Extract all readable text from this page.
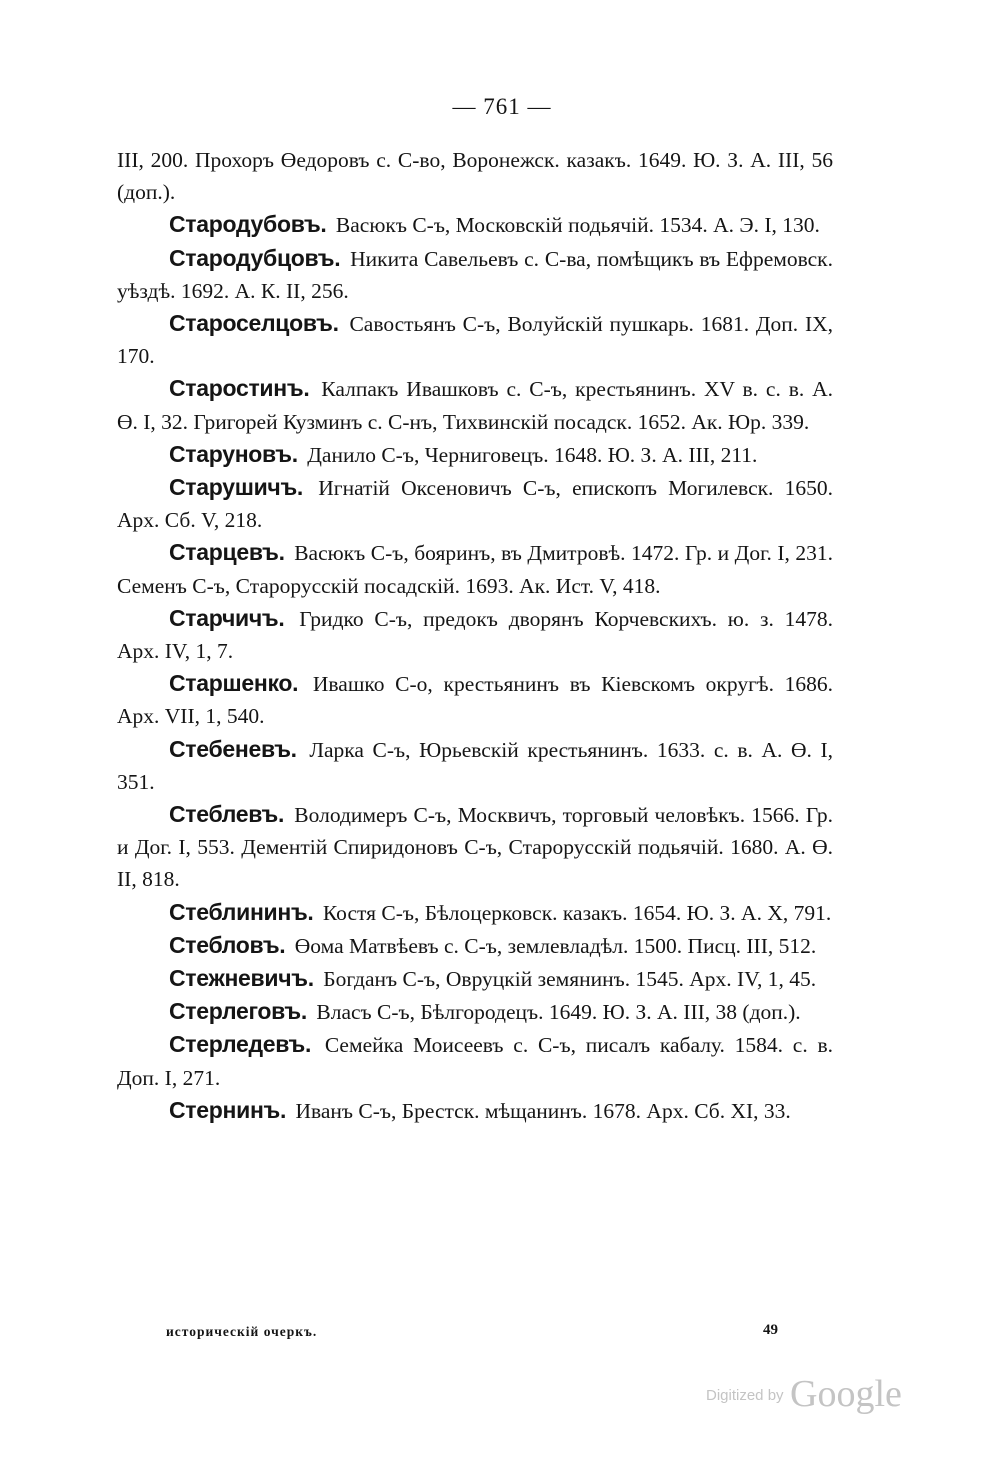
— 761 —

III, 200. Прохоръ Өедоровъ с. С-во, Воронежск. казакъ. 1649. Ю. З. А. III, 56 (доп.).

Стародубовъ. Васюкъ С-ъ, Московскій подьячій. 1534. А. Э. I, 130.

Стародубцовъ. Никита Савельевъ с. С-ва, помѣщикъ въ Ефремовск. уѣздѣ. 1692. А. К. II, 256.

Староселцовъ. Савостьянъ С-ъ, Волуйскій пушкарь. 1681. Доп. IX, 170.

Старостинъ. Калпакъ Ивашковъ с. С-ъ, крестьянинъ. XV в. с. в. А. Ө. I, 32. Григорей Кузминъ с. С-нъ, Тихвинскій посадск. 1652. Ак. Юр. 339.

Старуновъ. Данило С-ъ, Черниговецъ. 1648. Ю. З. А. III, 211.

Старушичъ. Игнатій Оксеновичъ С-ъ, епископъ Могилевск. 1650. Арх. Сб. V, 218.

Старцевъ. Васюкъ С-ъ, бояринъ, въ Дмитровѣ. 1472. Гр. и Дог. I, 231. Семенъ С-ъ, Старорусскій посадскій. 1693. Ак. Ист. V, 418.

Старчичъ. Гридко С-ъ, предокъ дворянъ Корчевскихъ. ю. з. 1478. Арх. IV, 1, 7.

Старшенко. Ивашко С-о, крестьянинъ въ Кіевскомъ округѣ. 1686. Арх. VII, 1, 540.

Стебеневъ. Ларка С-ъ, Юрьевскій крестьянинъ. 1633. с. в. А. Ө. I, 351.

Стеблевъ. Володимеръ С-ъ, Москвичъ, торговый человѣкъ. 1566. Гр. и Дог. I, 553. Дементій Спиридоновъ С-ъ, Старорусскій подьячій. 1680. А. Ө. II, 818.

Стеблининъ. Костя С-ъ, Бѣлоцерковск. казакъ. 1654. Ю. З. А. X, 791.

Стебловъ. Өома Матвѣевъ с. С-ъ, землевладѣл. 1500. Писц. III, 512.

Стежневичъ. Богданъ С-ъ, Овруцкій земянинъ. 1545. Арх. IV, 1, 45.

Стерлеговъ. Власъ С-ъ, Бѣлгородецъ. 1649. Ю. З. А. III, 38 (доп.).

Стерледевъ. Семейка Моисеевъ с. С-ъ, писалъ кабалу. 1584. с. в. Доп. I, 271.

Стернинъ. Иванъ С-ъ, Брестск. мѣщанинъ. 1678. Арх. Сб. XI, 33.

историческій очеркъ.	49
Digitized by Google
